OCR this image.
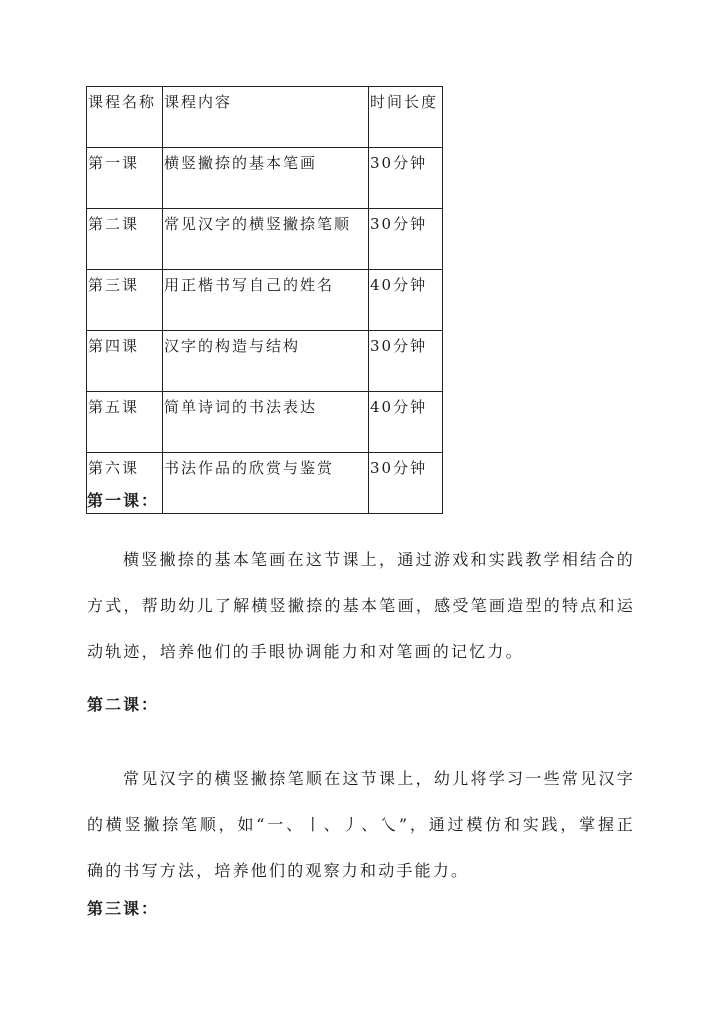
课程名称	课程内容	时间长度
第一课	横竖撇捺的基本笔画	30分钟
第二课	常见汉字的横竖撇捺笔顺	30分钟
第三课	用正楷书写自己的姓名	40分钟
第四课	汉字的构造与结构	30分钟
第五课	简单诗词的书法表达	40分钟
第六课	书法作品的欣赏与鉴赏	30分钟
第一课：

横竖撇捺的基本笔画在这节课上，通过游戏和实践教学相结合的方式，帮助幼儿了解横竖撇捺的基本笔画，感受笔画造型的特点和运动轨迹，培养他们的手眼协调能力和对笔画的记忆力。

第二课：

常见汉字的横竖撇捺笔顺在这节课上，幼儿将学习一些常见汉字的横竖撇捺笔顺，如“一、丨、丿、乀”，通过模仿和实践，掌握正确的书写方法，培养他们的观察力和动手能力。

第三课：
